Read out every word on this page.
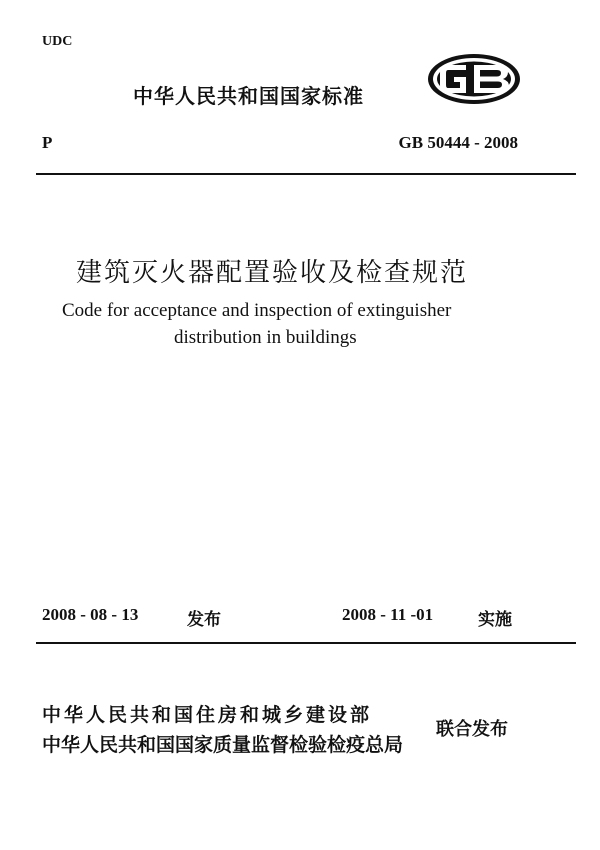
UDC
中华人民共和国国家标准
P	GB 50444 - 2008
建筑灭火器配置验收及检查规范
Code for acceptance and inspection of extinguisher
distribution in buildings
2008 - 08 - 13	发布	2008 - 11 -01	实施
中华人民共和国住房和城乡建设部
中华人民共和国国家质量监督检验检疫总局
联合发布
